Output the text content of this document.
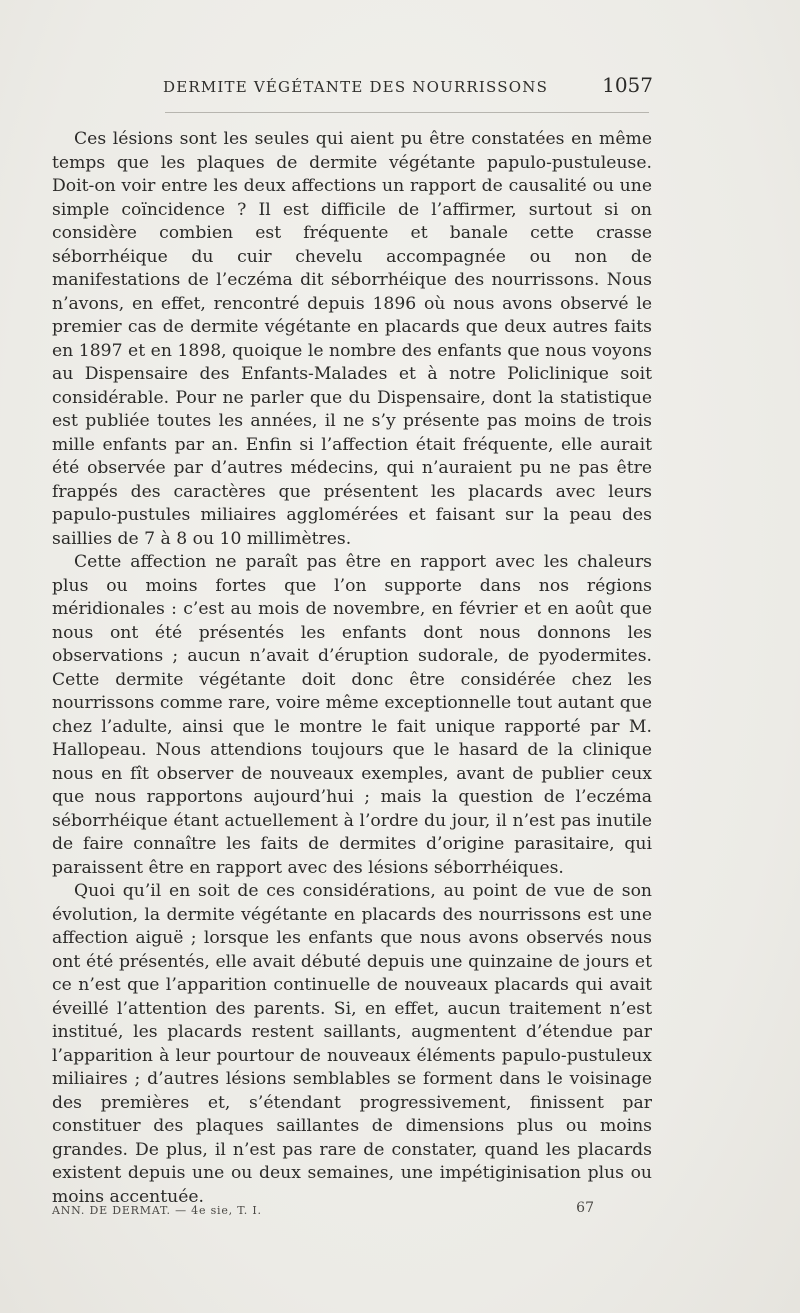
DERMITE VÉGÉTANTE DES NOURRISSONS	1057

Ces lésions sont les seules qui aient pu être constatées en même temps que les plaques de dermite végétante papulo-pustuleuse. Doit-on voir entre les deux affections un rapport de causalité ou une simple coïncidence ? Il est difficile de l’affirmer, surtout si on considère combien est fréquente et banale cette crasse séborrhéique du cuir chevelu accompagnée ou non de manifestations de l’eczéma dit séborrhéique des nourrissons. Nous n’avons, en effet, rencontré depuis 1896 où nous avons observé le premier cas de dermite végétante en placards que deux autres faits en 1897 et en 1898, quoique le nombre des enfants que nous voyons au Dispensaire des Enfants-Malades et à notre Policlinique soit considérable. Pour ne parler que du Dispensaire, dont la statistique est publiée toutes les années, il ne s’y présente pas moins de trois mille enfants par an. Enfin si l’affection était fréquente, elle aurait été observée par d’autres médecins, qui n’auraient pu ne pas être frappés des caractères que présentent les placards avec leurs papulo-pustules miliaires agglomérées et faisant sur la peau des saillies de 7 à 8 ou 10 millimètres.

Cette affection ne paraît pas être en rapport avec les chaleurs plus ou moins fortes que l’on supporte dans nos régions méridionales : c’est au mois de novembre, en février et en août que nous ont été présentés les enfants dont nous donnons les observations ; aucun n’avait d’éruption sudorale, de pyodermites. Cette dermite végétante doit donc être considérée chez les nourrissons comme rare, voire même exceptionnelle tout autant que chez l’adulte, ainsi que le montre le fait unique rapporté par M. Hallopeau. Nous attendions toujours que le hasard de la clinique nous en fît observer de nouveaux exemples, avant de publier ceux que nous rapportons aujourd’hui ; mais la question de l’eczéma séborrhéique étant actuellement à l’ordre du jour, il n’est pas inutile de faire connaître les faits de dermites d’origine parasitaire, qui paraissent être en rapport avec des lésions séborrhéiques.

Quoi qu’il en soit de ces considérations, au point de vue de son évolution, la dermite végétante en placards des nourrissons est une affection aiguë ; lorsque les enfants que nous avons observés nous ont été présentés, elle avait débuté depuis une quinzaine de jours et ce n’est que l’apparition continuelle de nouveaux placards qui avait éveillé l’attention des parents. Si, en effet, aucun traitement n’est institué, les placards restent saillants, augmentent d’étendue par l’apparition à leur pourtour de nouveaux éléments papulo-pustuleux miliaires ; d’autres lésions semblables se forment dans le voisinage des premières et, s’étendant progressivement, finissent par constituer des plaques saillantes de dimensions plus ou moins grandes. De plus, il n’est pas rare de constater, quand les placards existent depuis une ou deux semaines, une impétiginisation plus ou moins accentuée.

ANN. DE DERMAT. — 4e sie, T. I.	67
